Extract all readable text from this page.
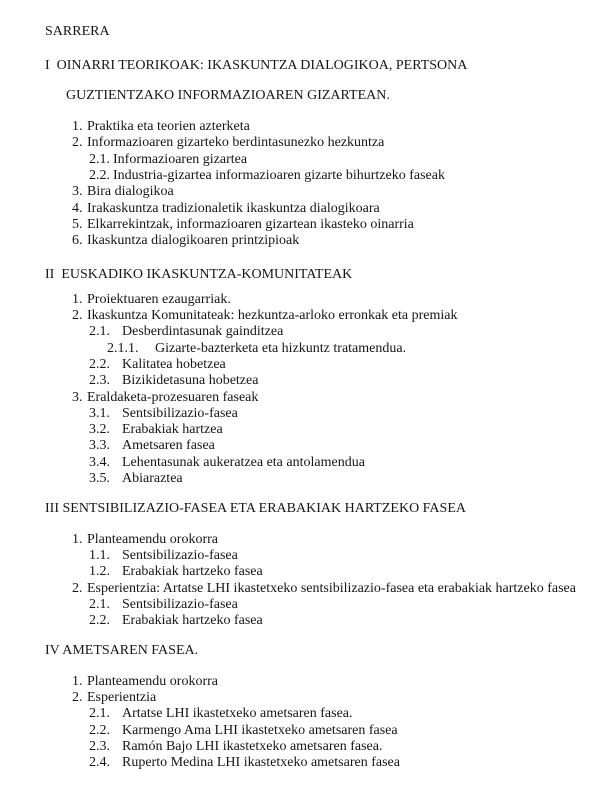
SARRERA
I  OINARRI TEORIKOAK: IKASKUNTZA DIALOGIKOA, PERTSONA
GUZTIENTZAKO INFORMAZIOAREN GIZARTEAN.
1. Praktika eta teorien azterketa
2. Informazioaren gizarteko berdintasunezko hezkuntza
2.1. Informazioaren gizartea
2.2. Industria-gizartea informazioaren gizarte bihurtzeko faseak
3. Bira dialogikoa
4. Irakaskuntza tradizionaletik ikaskuntza dialogikoara
5. Elkarrekintzak, informazioaren gizartean ikasteko oinarria
6. Ikaskuntza dialogikoaren printzipioak
II  EUSKADIKO IKASKUNTZA-KOMUNITATEAK
1. Proiektuaren ezaugarriak.
2. Ikaskuntza Komunitateak: hezkuntza-arloko erronkak eta premiak
2.1. Desberdintasunak gainditzea
2.1.1. Gizarte-bazterketa eta hizkuntz tratamendua.
2.2. Kalitatea hobetzea
2.3. Bizikidetasuna hobetzea
3. Eraldaketa-prozesuaren faseak
3.1. Sentsibilizazio-fasea
3.2. Erabakiak hartzea
3.3. Ametsaren fasea
3.4. Lehentasunak aukeratzea eta antolamendua
3.5. Abiaraztea
III SENTSIBILIZAZIO-FASEA ETA ERABAKIAK HARTZEKO FASEA
1. Planteamendu orokorra
1.1. Sentsibilizazio-fasea
1.2. Erabakiak hartzeko fasea
2. Esperientzia: Artatse LHI ikastetxeko sentsibilizazio-fasea eta erabakiak hartzeko fasea
2.1. Sentsibilizazio-fasea
2.2. Erabakiak hartzeko fasea
IV AMETSAREN FASEA.
1. Planteamendu orokorra
2. Esperientzia
2.1. Artatse LHI ikastetxeko ametsaren fasea.
2.2. Karmengo Ama LHI ikastetxeko ametsaren fasea
2.3. Ramón Bajo LHI ikastetxeko ametsaren fasea.
2.4. Ruperto Medina LHI ikastetxeko ametsaren fasea
